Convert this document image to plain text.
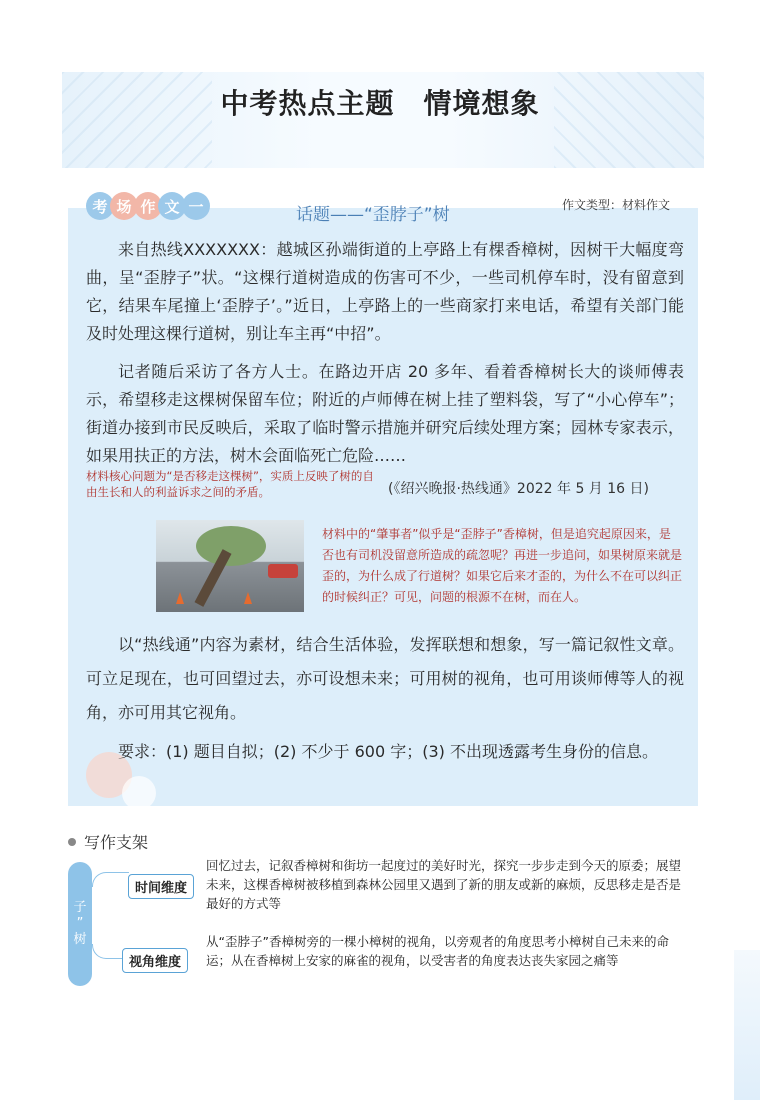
中考热点主题　情境想象
考 场 作 文 一	话题——“歪脖子”树	作文类型：材料作文

来自热线XXXXXXX：越城区孙端街道的上亭路上有棵香樟树，因树干大幅度弯曲，呈“歪脖子”状。“这棵行道树造成的伤害可不少，一些司机停车时，没有留意到它，结果车尾撞上‘歪脖子’。”近日，上亭路上的一些商家打来电话，希望有关部门能及时处理这棵行道树，别让车主再“中招”。

记者随后采访了各方人士。在路边开店 20 多年、看着香樟树长大的谈师傅表示，希望移走这棵树保留车位；附近的卢师傅在树上挂了塑料袋，写了“小心停车”；街道办接到市民反映后，采取了临时警示措施并研究后续处理方案；园林专家表示，如果用扶正的方法，树木会面临死亡危险……

材料核心问题为“是否移走这棵树”，实质上反映了树的自由生长和人的利益诉求之间的矛盾。	(《绍兴晚报·热线通》2022 年 5 月 16 日)
材料中的“肇事者”似乎是“歪脖子”香樟树，但是追究起原因来，是否也有司机没留意所造成的疏忽呢？再进一步追问，如果树原来就是歪的，为什么成了行道树？如果它后来才歪的，为什么不在可以纠正的时候纠正？可见，问题的根源不在树，而在人。

以“热线通”内容为素材，结合生活体验，发挥联想和想象，写一篇记叙性文章。可立足现在，也可回望过去，亦可设想未来；可用树的视角，也可用谈师傅等人的视角，亦可用其它视角。

要求：(1) 题目自拟；(2) 不少于 600 字；(3) 不出现透露考生身份的信息。

写作支架
子
”
树
时间维度

回忆过去，记叙香樟树和街坊一起度过的美好时光，探究一步步走到今天的原委；展望未来，这棵香樟树被移植到森林公园里又遇到了新的朋友或新的麻烦，反思移走是否是最好的方式等

视角维度

从“歪脖子”香樟树旁的一棵小樟树的视角，以旁观者的角度思考小樟树自己未来的命运；从在香樟树上安家的麻雀的视角，以受害者的角度表达丧失家园之痛等
